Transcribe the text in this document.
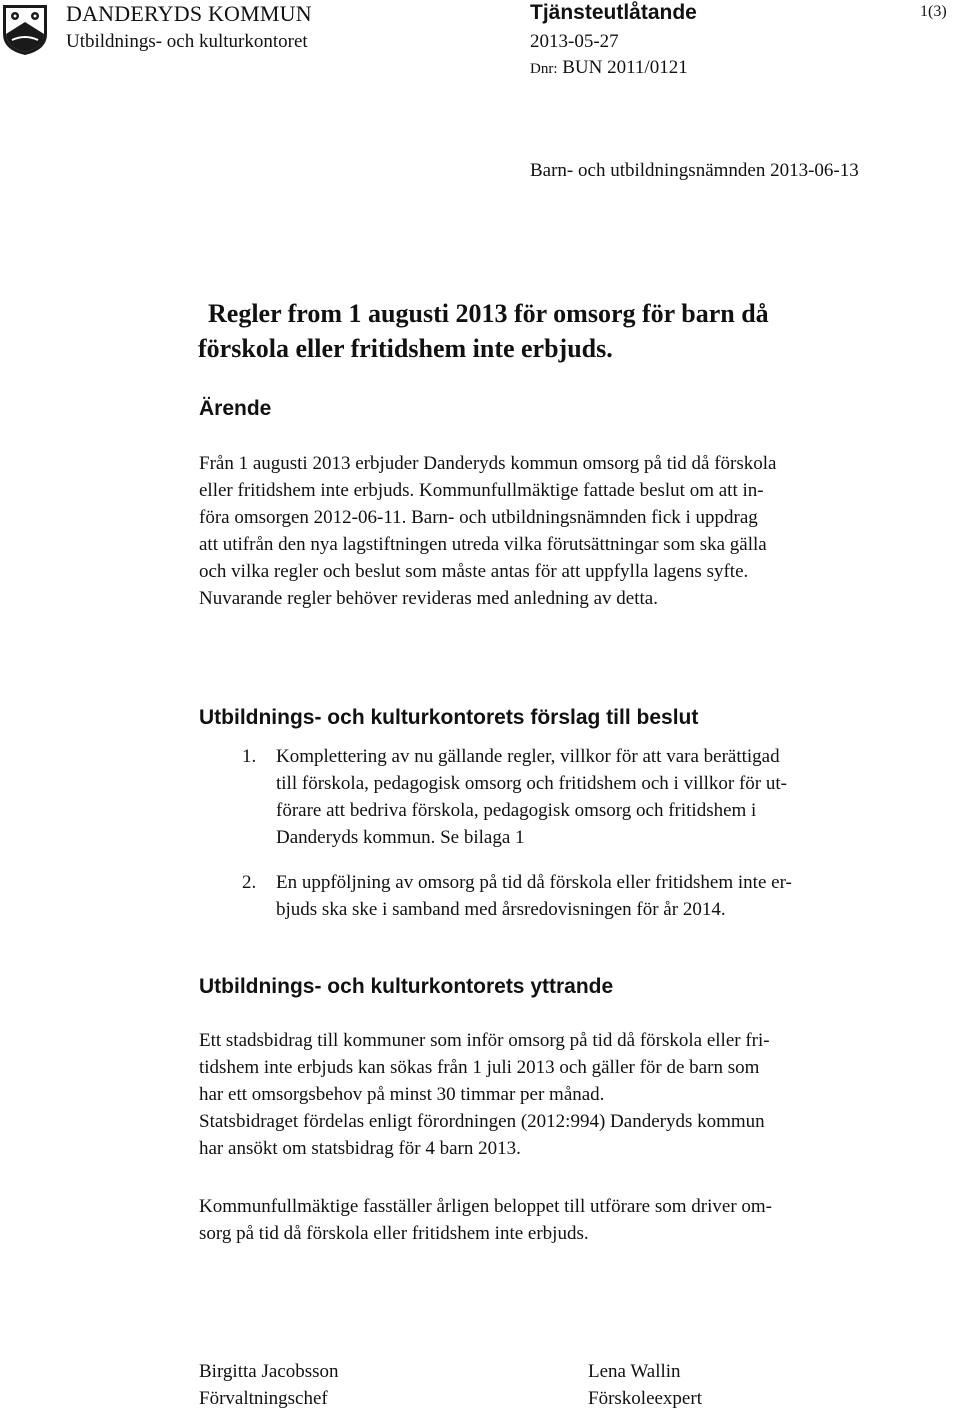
DANDERYDS KOMMUN
Utbildnings- och kulturkontoret
Tjänsteutlåtande
2013-05-27
Dnr: BUN 2011/0121
1(3)
Barn- och utbildningsnämnden 2013-06-13
Regler from 1 augusti 2013 för omsorg för barn då
förskola eller fritidshem inte erbjuds.
Ärende
Från 1 augusti 2013 erbjuder Danderyds kommun omsorg på tid då förskola
eller fritidshem inte erbjuds. Kommunfullmäktige fattade beslut om att in-
föra omsorgen 2012-06-11. Barn- och utbildningsnämnden fick i uppdrag
att utifrån den nya lagstiftningen utreda vilka förutsättningar som ska gälla
och vilka regler och beslut som måste antas för att uppfylla lagens syfte.
Nuvarande regler behöver revideras med anledning av detta.
Utbildnings- och kulturkontorets förslag till beslut
1. Komplettering av nu gällande regler, villkor för att vara berättigad
till förskola, pedagogisk omsorg och fritidshem och i villkor för ut-
förare att bedriva förskola, pedagogisk omsorg och fritidshem i
Danderyds kommun. Se bilaga 1
2. En uppföljning av omsorg på tid då förskola eller fritidshem inte er-
bjuds ska ske i samband med årsredovisningen för år 2014.
Utbildnings- och kulturkontorets yttrande
Ett stadsbidrag till kommuner som inför omsorg på tid då förskola eller fri-
tidshem inte erbjuds kan sökas från 1 juli 2013 och gäller för de barn som
har ett omsorgsbehov på minst 30 timmar per månad.
Statsbidraget fördelas enligt förordningen (2012:994) Danderyds kommun
har ansökt om statsbidrag för 4 barn 2013.
Kommunfullmäktige fasställer årligen beloppet till utförare som driver om-
sorg på tid då förskola eller fritidshem inte erbjuds.
Birgitta Jacobsson
Förvaltningschef
Lena Wallin
Förskoleexpert
